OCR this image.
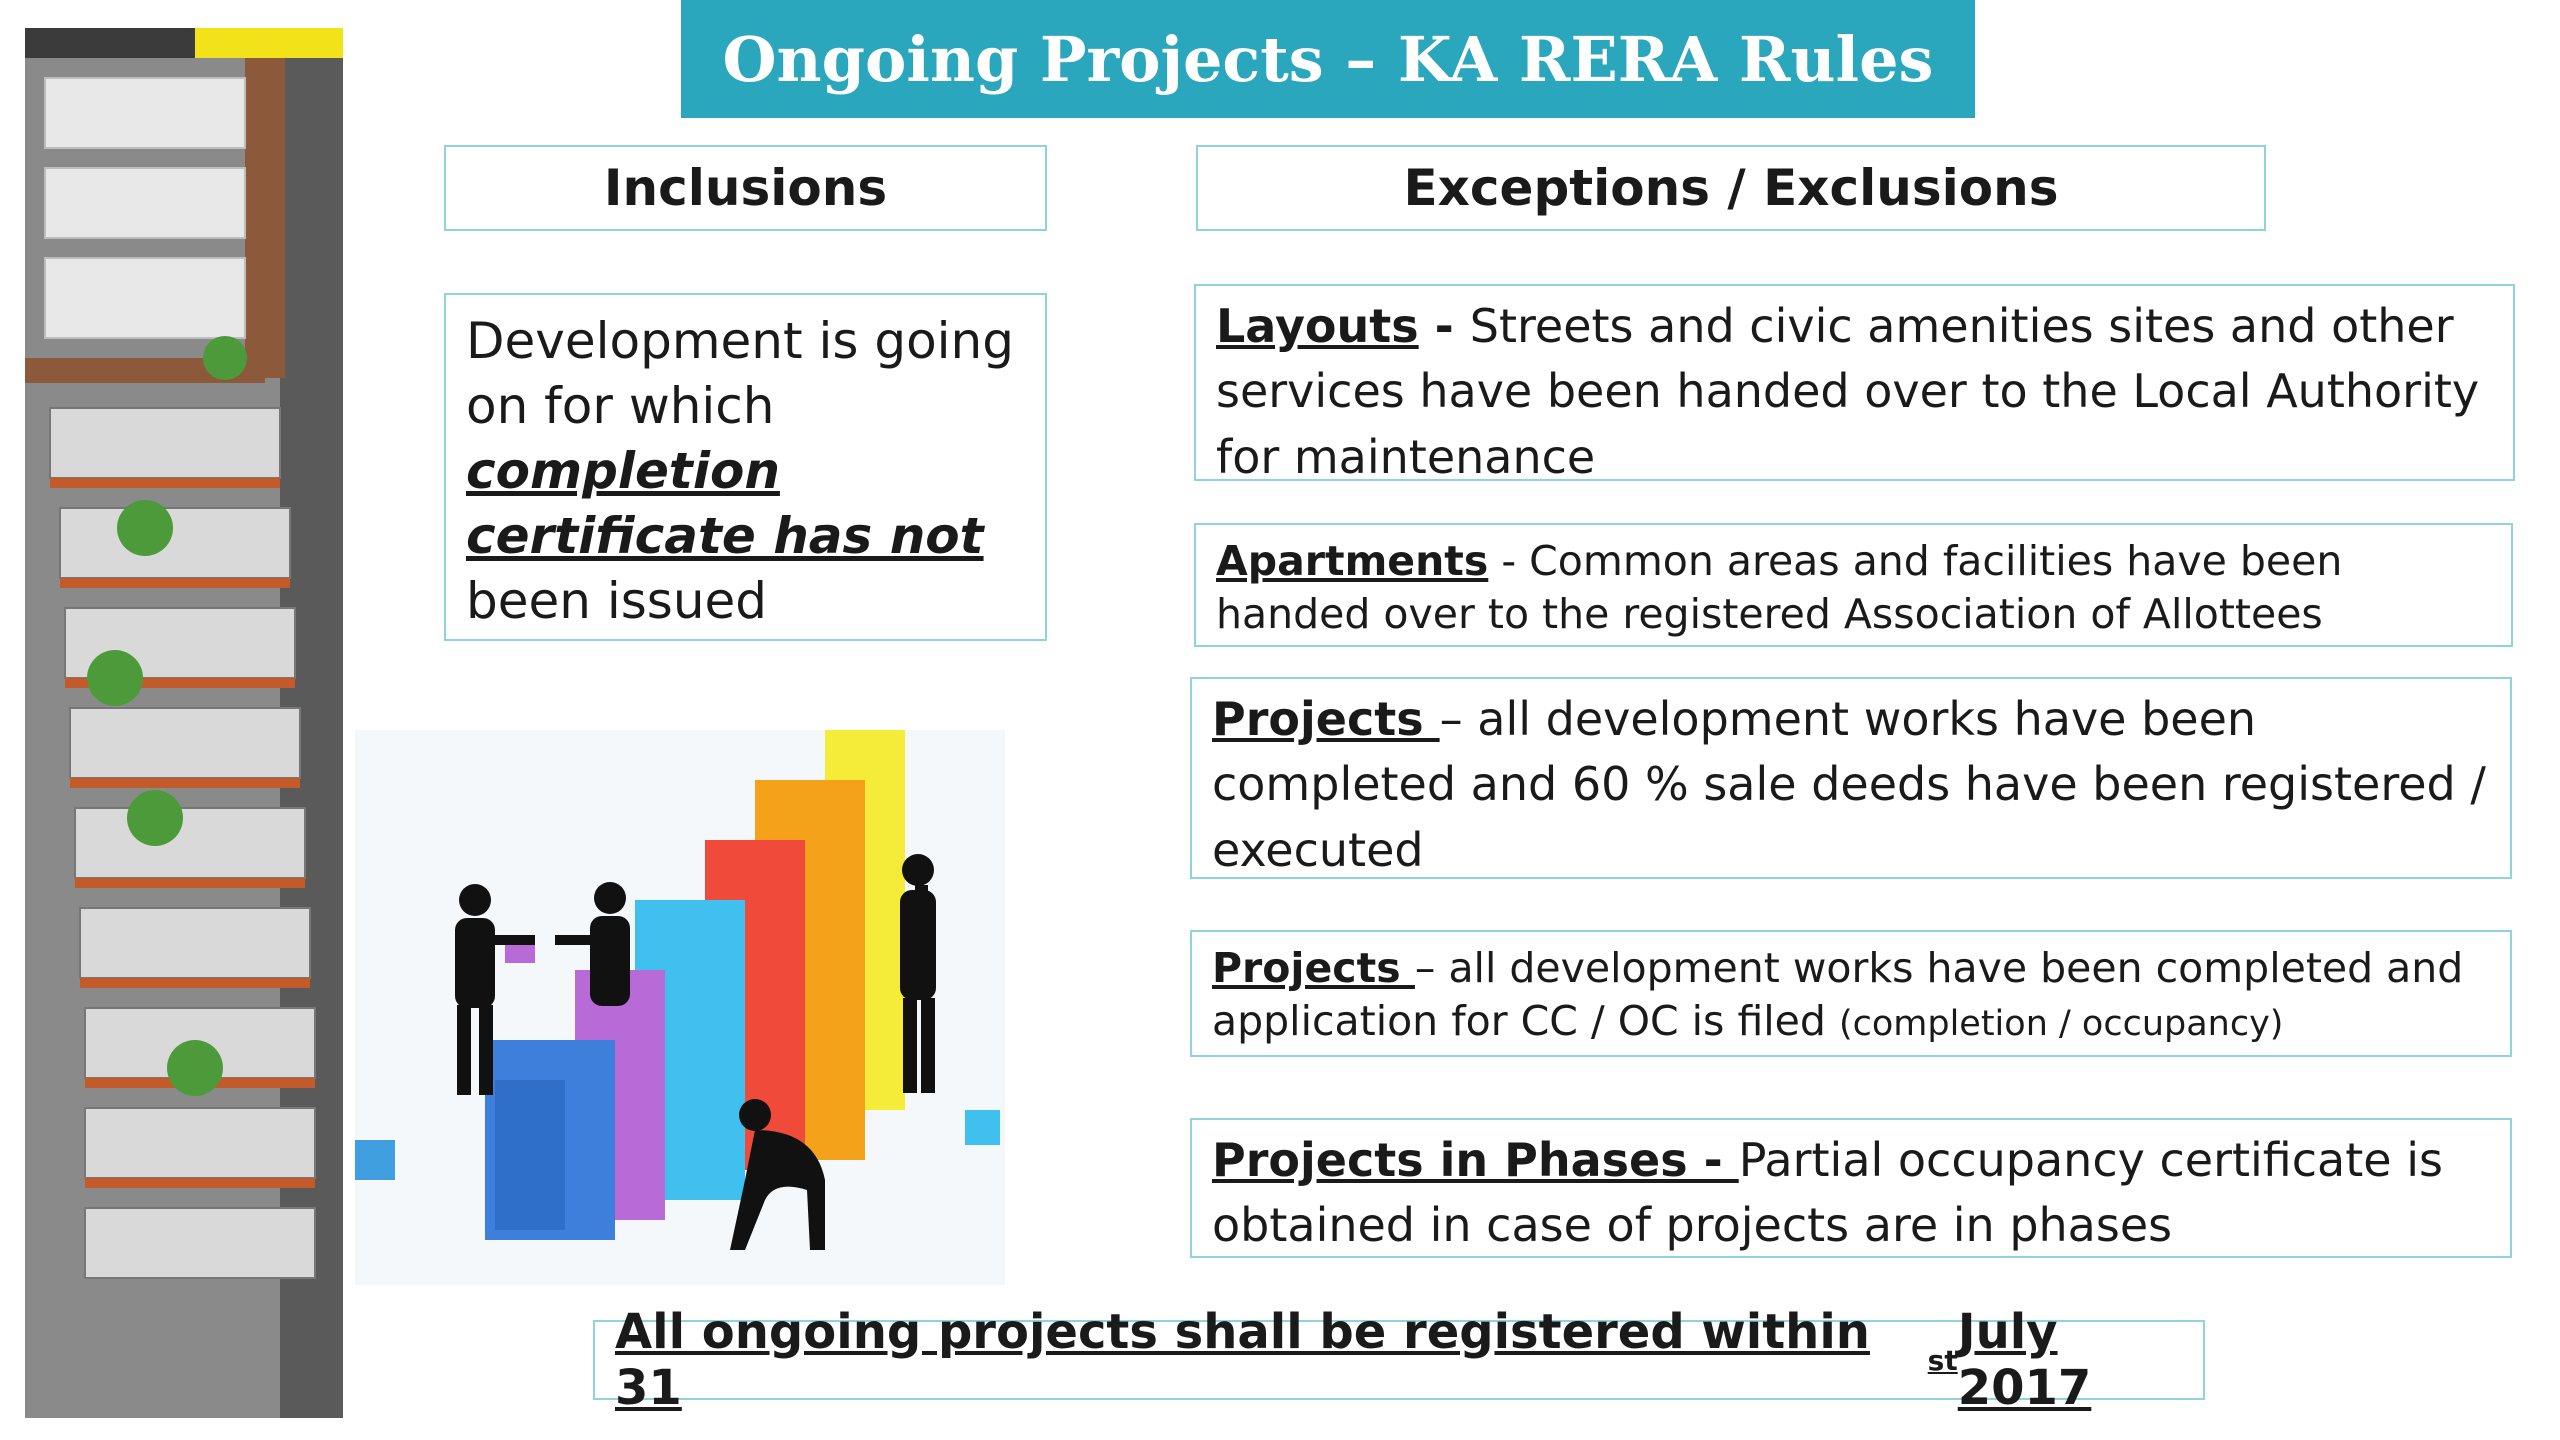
Ongoing Projects – KA RERA Rules
Inclusions	Exceptions / Exclusions
Development is going on for which completion certificate has not been issued
Layouts - Streets and civic amenities sites and other services have been handed over to the Local Authority for maintenance
Apartments - Common areas and facilities have been handed over to the registered Association of Allottees
Projects – all development works have been completed and 60 % sale deeds have been registered / executed
Projects – all development works have been completed and application for CC / OC is filed (completion / occupancy)
Projects in Phases - Partial occupancy certificate is obtained in case of projects are in phases
All ongoing projects shall be registered within 31	st July 2017
